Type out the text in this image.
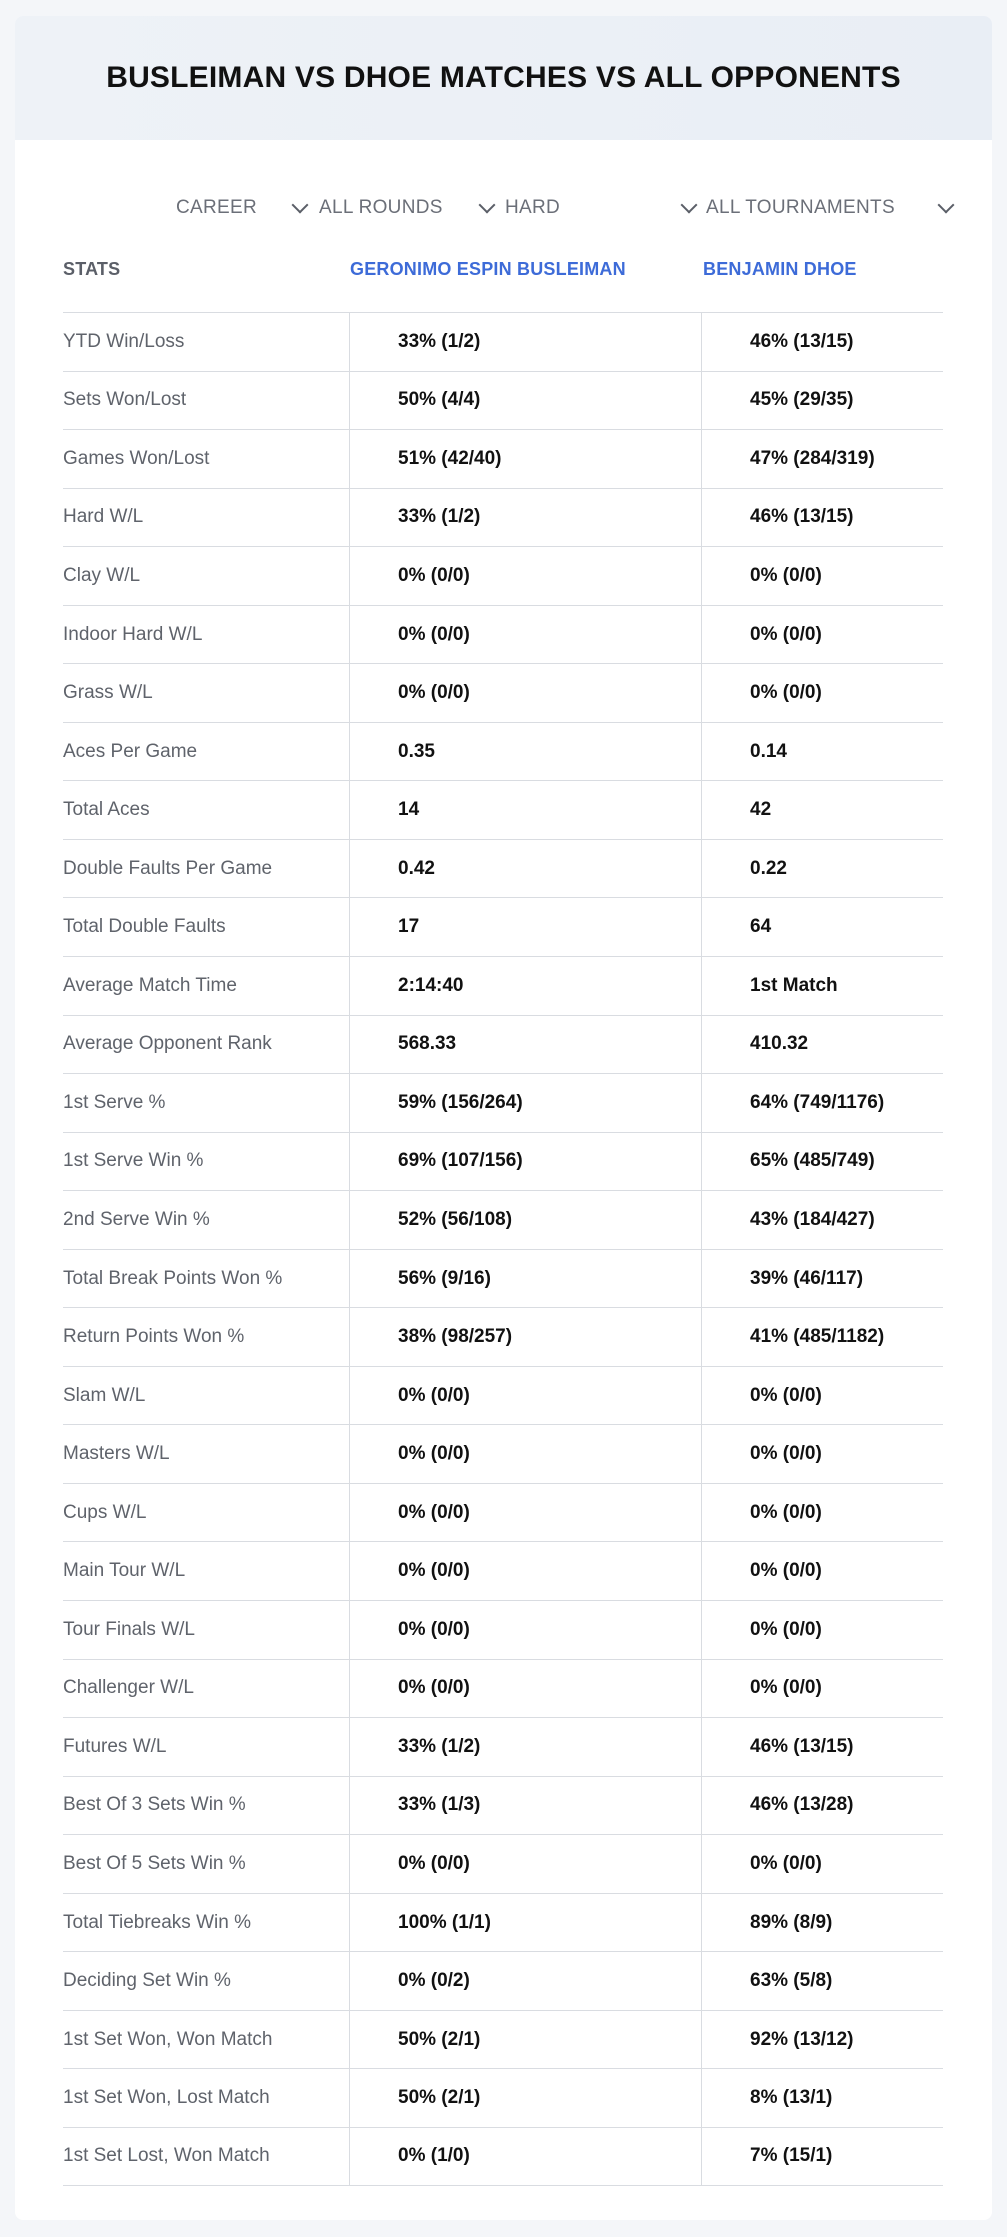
BUSLEIMAN VS DHOE MATCHES VS ALL OPPONENTS
CAREER	ALL ROUNDS	HARD	ALL TOURNAMENTS
STATS	GERONIMO ESPIN BUSLEIMAN	BENJAMIN DHOE
YTD Win/Loss	33% (1/2)	46% (13/15)
Sets Won/Lost	50% (4/4)	45% (29/35)
Games Won/Lost	51% (42/40)	47% (284/319)
Hard W/L	33% (1/2)	46% (13/15)
Clay W/L	0% (0/0)	0% (0/0)
Indoor Hard W/L	0% (0/0)	0% (0/0)
Grass W/L	0% (0/0)	0% (0/0)
Aces Per Game	0.35	0.14
Total Aces	14	42
Double Faults Per Game	0.42	0.22
Total Double Faults	17	64
Average Match Time	2:14:40	1st Match
Average Opponent Rank	568.33	410.32
1st Serve %	59% (156/264)	64% (749/1176)
1st Serve Win %	69% (107/156)	65% (485/749)
2nd Serve Win %	52% (56/108)	43% (184/427)
Total Break Points Won %	56% (9/16)	39% (46/117)
Return Points Won %	38% (98/257)	41% (485/1182)
Slam W/L	0% (0/0)	0% (0/0)
Masters W/L	0% (0/0)	0% (0/0)
Cups W/L	0% (0/0)	0% (0/0)
Main Tour W/L	0% (0/0)	0% (0/0)
Tour Finals W/L	0% (0/0)	0% (0/0)
Challenger W/L	0% (0/0)	0% (0/0)
Futures W/L	33% (1/2)	46% (13/15)
Best Of 3 Sets Win %	33% (1/3)	46% (13/28)
Best Of 5 Sets Win %	0% (0/0)	0% (0/0)
Total Tiebreaks Win %	100% (1/1)	89% (8/9)
Deciding Set Win %	0% (0/2)	63% (5/8)
1st Set Won, Won Match	50% (2/1)	92% (13/12)
1st Set Won, Lost Match	50% (2/1)	8% (13/1)
1st Set Lost, Won Match	0% (1/0)	7% (15/1)
